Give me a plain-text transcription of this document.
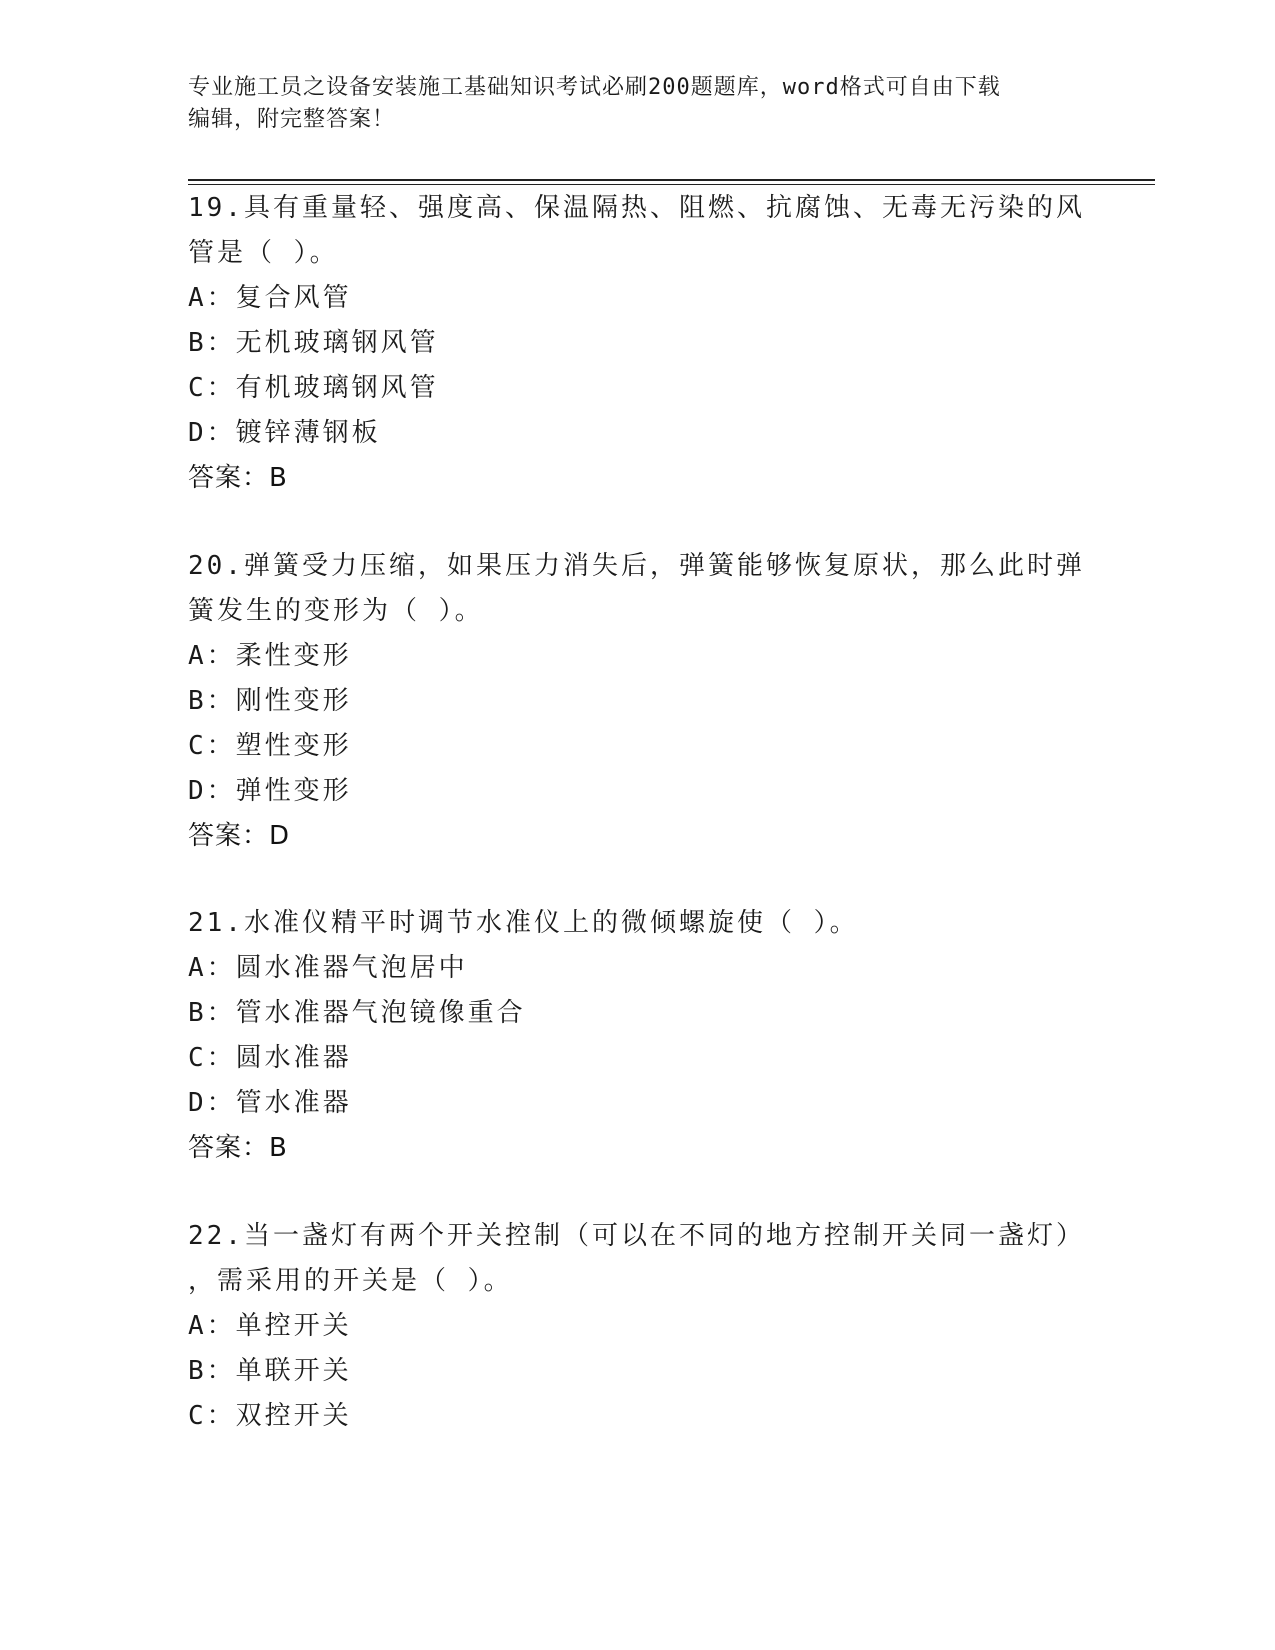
专业施工员之设备安装施工基础知识考试必刷200题题库，word格式可自由下载
编辑，附完整答案！

19.具有重量轻、强度高、保温隔热、阻燃、抗腐蚀、无毒无污染的风

管是（ ）。

A：复合风管

B：无机玻璃钢风管

C：有机玻璃钢风管

D：镀锌薄钢板

答案：B

20.弹簧受力压缩，如果压力消失后，弹簧能够恢复原状，那么此时弹

簧发生的变形为（ ）。

A：柔性变形

B：刚性变形

C：塑性变形

D：弹性变形

答案：D

21.水准仪精平时调节水准仪上的微倾螺旋使（ ）。

A：圆水准器气泡居中

B：管水准器气泡镜像重合

C：圆水准器

D：管水准器

答案：B

22.当一盏灯有两个开关控制（可以在不同的地方控制开关同一盏灯）

，需采用的开关是（ ）。

A：单控开关

B：单联开关

C：双控开关
